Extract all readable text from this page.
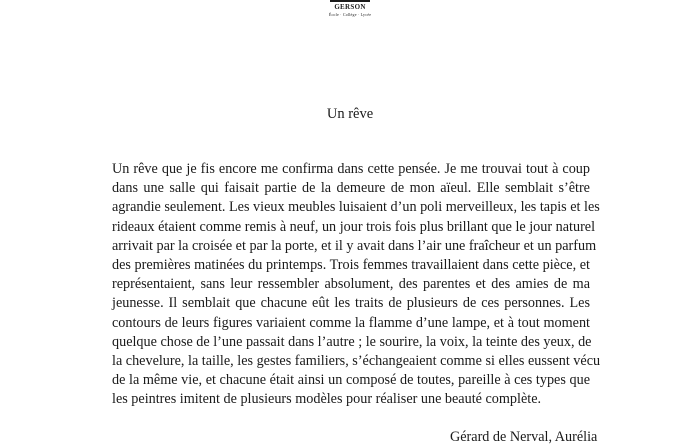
GERSON
École · Collège · Lycée
Un rêve
Un rêve que je fis encore me confirma dans cette pensée. Je me trouvai tout à coup
dans une salle qui faisait partie de la demeure de mon aïeul. Elle semblait s’être
agrandie seulement. Les vieux meubles luisaient d’un poli merveilleux, les tapis et les
rideaux étaient comme remis à neuf, un jour trois fois plus brillant que le jour naturel
arrivait par la croisée et par la porte, et il y avait dans l’air une fraîcheur et un parfum
des premières matinées du printemps. Trois femmes travaillaient dans cette pièce, et
représentaient, sans leur ressembler absolument, des parentes et des amies de ma
jeunesse. Il semblait que chacune eût les traits de plusieurs de ces personnes. Les
contours de leurs figures variaient comme la flamme d’une lampe, et à tout moment
quelque chose de l’une passait dans l’autre ; le sourire, la voix, la teinte des yeux, de
la chevelure, la taille, les gestes familiers, s’échangeaient comme si elles eussent vécu
de la même vie, et chacune était ainsi un composé de toutes, pareille à ces types que
les peintres imitent de plusieurs modèles pour réaliser une beauté complète.
Gérard de Nerval, Aurélia
